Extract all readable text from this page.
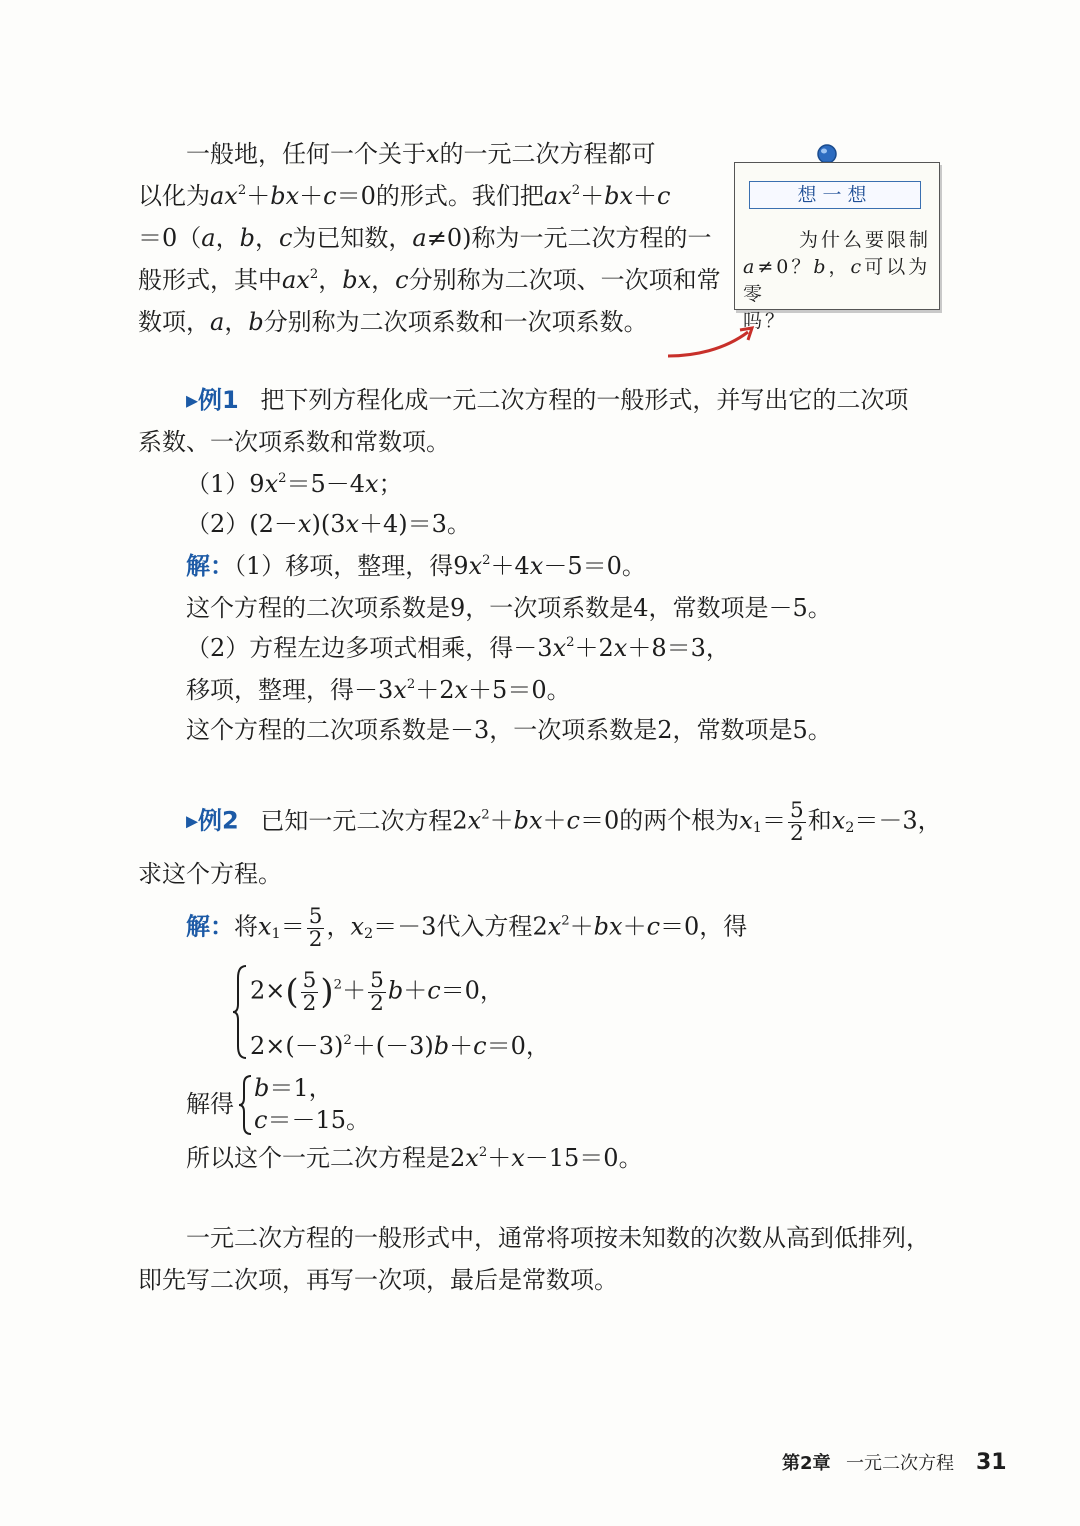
一般地，任何一个关于x的一元二次方程都可
以化为$ax^2+bx+c=0$的形式。我们把$ax^2+bx+c$
＝0（a，b，c为已知数，a≠0)称为一元二次方程的一
般形式，其中$ax^2$，bx，c分别称为二次项、一次项和常
数项，a，b分别称为二次项系数和一次项系数。
想一想
为什么要限制
a≠0？b，c可以为零
吗？
▸例1 把下列方程化成一元二次方程的一般形式，并写出它的二次项
系数、一次项系数和常数项。
$(1)9x^2=5-4x$；
（2）(2－x)(3x＋4)＝3。
解：（1）移项，整理，得$9x^2+4x-5=0$。
这个方程的二次项系数是9，一次项系数是4，常数项是－5。
（2）方程左边多项式相乘，得$-3x^2+2x+8=3$，
移项，整理，得$-3x^2+2x+5=0$。
这个方程的二次项系数是－3，一次项系数是2，常数项是5。
▸例2 已知一元二次方程$2x^2+bx+c=0$的两个根为$x_1= \frac{5}{2}$ 和$x_2=-3$，
求这个方程。
解：将$x_1= \frac{5}{2}$ ，$x_2=-3$代入方程$2x^2+bx+c=0$，得
$2\times( \frac{5}{2} )^2+ \frac{5}{2} b+c=0$，
$2\times(-3)^2+(-3)b+c=0$，
解得
b＝1，
c＝－15。
所以这个一元二次方程是$2x^2+x-15=0$。
一元二次方程的一般形式中，通常将项按未知数的次数从高到低排列，
即先写二次项，再写一次项，最后是常数项。
第2章 一元二次方程 31
